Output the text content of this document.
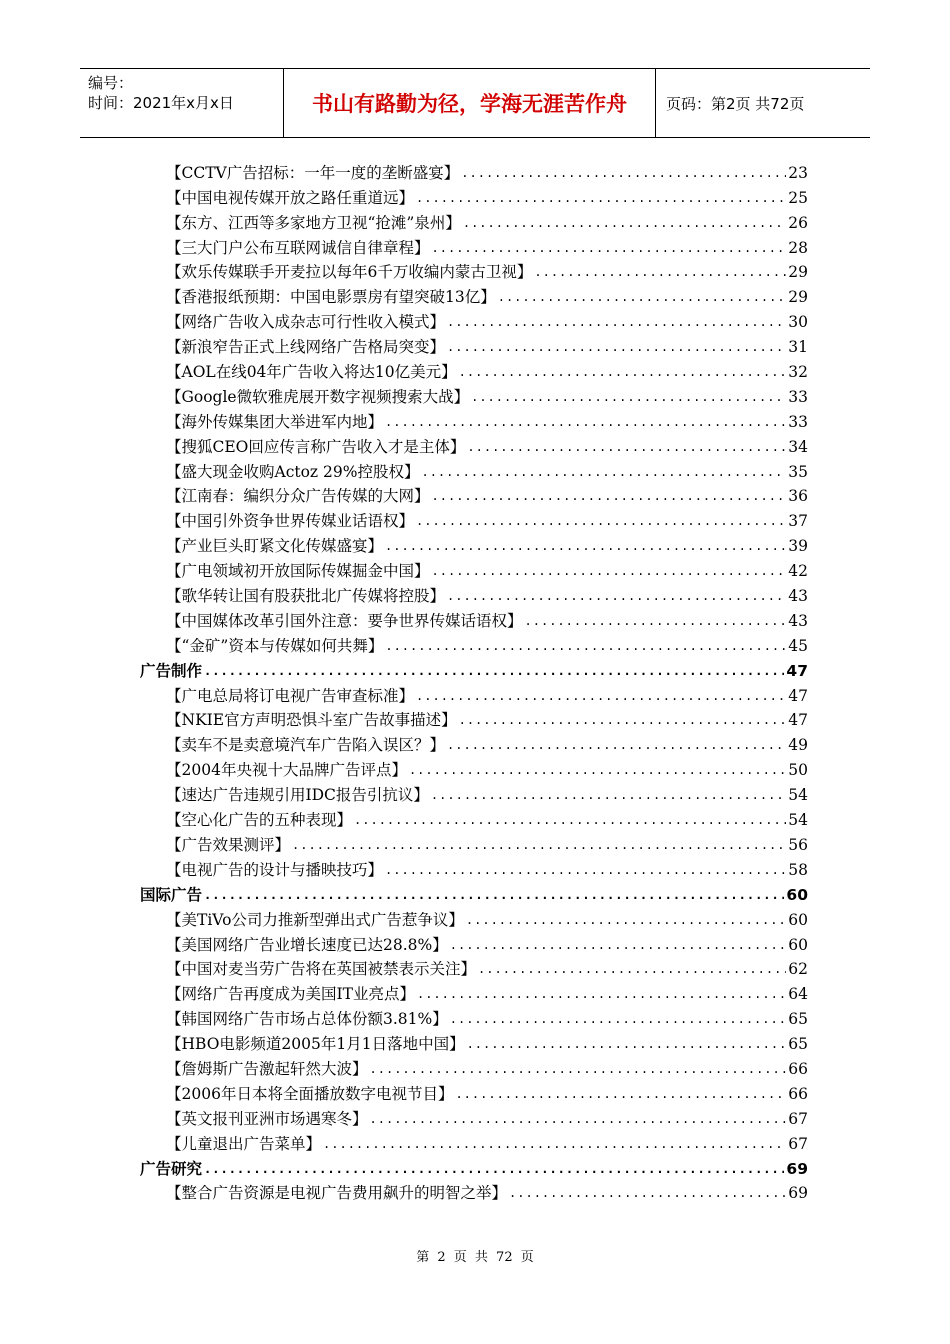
编号：
时间：2021年x月x日	书山有路勤为径，学海无涯苦作舟	页码：第2页 共72页
【CCTV广告招标：一年一度的垄断盛宴】 .....	23
【中国电视传媒开放之路任重道远】 .....	25
【东方、江西等多家地方卫视“抢滩”泉州】 .....	26
【三大门户公布互联网诚信自律章程】 .....	28
【欢乐传媒联手开麦拉以每年6千万收编内蒙古卫视】 .....	29
【香港报纸预期：中国电影票房有望突破13亿】 .....	29
【网络广告收入成杂志可行性收入模式】 .....	30
【新浪窄告正式上线网络广告格局突变】 .....	31
【AOL在线04年广告收入将达10亿美元】 .....	32
【Google微软雅虎展开数字视频搜索大战】 .....	33
【海外传媒集团大举进军内地】 .....	33
【搜狐CEO回应传言称广告收入才是主体】 .....	34
【盛大现金收购Actoz 29%控股权】 .....	35
【江南春：编织分众广告传媒的大网】 .....	36
【中国引外资争世界传媒业话语权】 .....	37
【产业巨头盯紧文化传媒盛宴】 .....	39
【广电领域初开放国际传媒掘金中国】 .....	42
【歌华转让国有股获批北广传媒将控股】 .....	43
【中国媒体改革引国外注意：要争世界传媒话语权】 .....	43
【“金矿”资本与传媒如何共舞】 .....	45
广告制作 .....	47
【广电总局将订电视广告审查标准】 .....	47
【NKIE官方声明恐惧斗室广告故事描述】 .....	47
【卖车不是卖意境汽车广告陷入误区？】 .....	49
【2004年央视十大品牌广告评点】 .....	50
【速达广告违规引用IDC报告引抗议】 .....	54
【空心化广告的五种表现】 .....	54
【广告效果测评】 .....	56
【电视广告的设计与播映技巧】 .....	58
国际广告 .....	60
【美TiVo公司力推新型弹出式广告惹争议】 .....	60
【美国网络广告业增长速度已达28.8%】 .....	60
【中国对麦当劳广告将在英国被禁表示关注】 .....	62
【网络广告再度成为美国IT业亮点】 .....	64
【韩国网络广告市场占总体份额3.81%】 .....	65
【HBO电影频道2005年1月1日落地中国】 .....	65
【詹姆斯广告激起轩然大波】 .....	66
【2006年日本将全面播放数字电视节目】 .....	66
【英文报刊亚洲市场遇寒冬】 .....	67
【儿童退出广告菜单】 .....	67
广告研究 .....	69
【整合广告资源是电视广告费用飙升的明智之举】 .....	69
第 2 页 共 72 页
